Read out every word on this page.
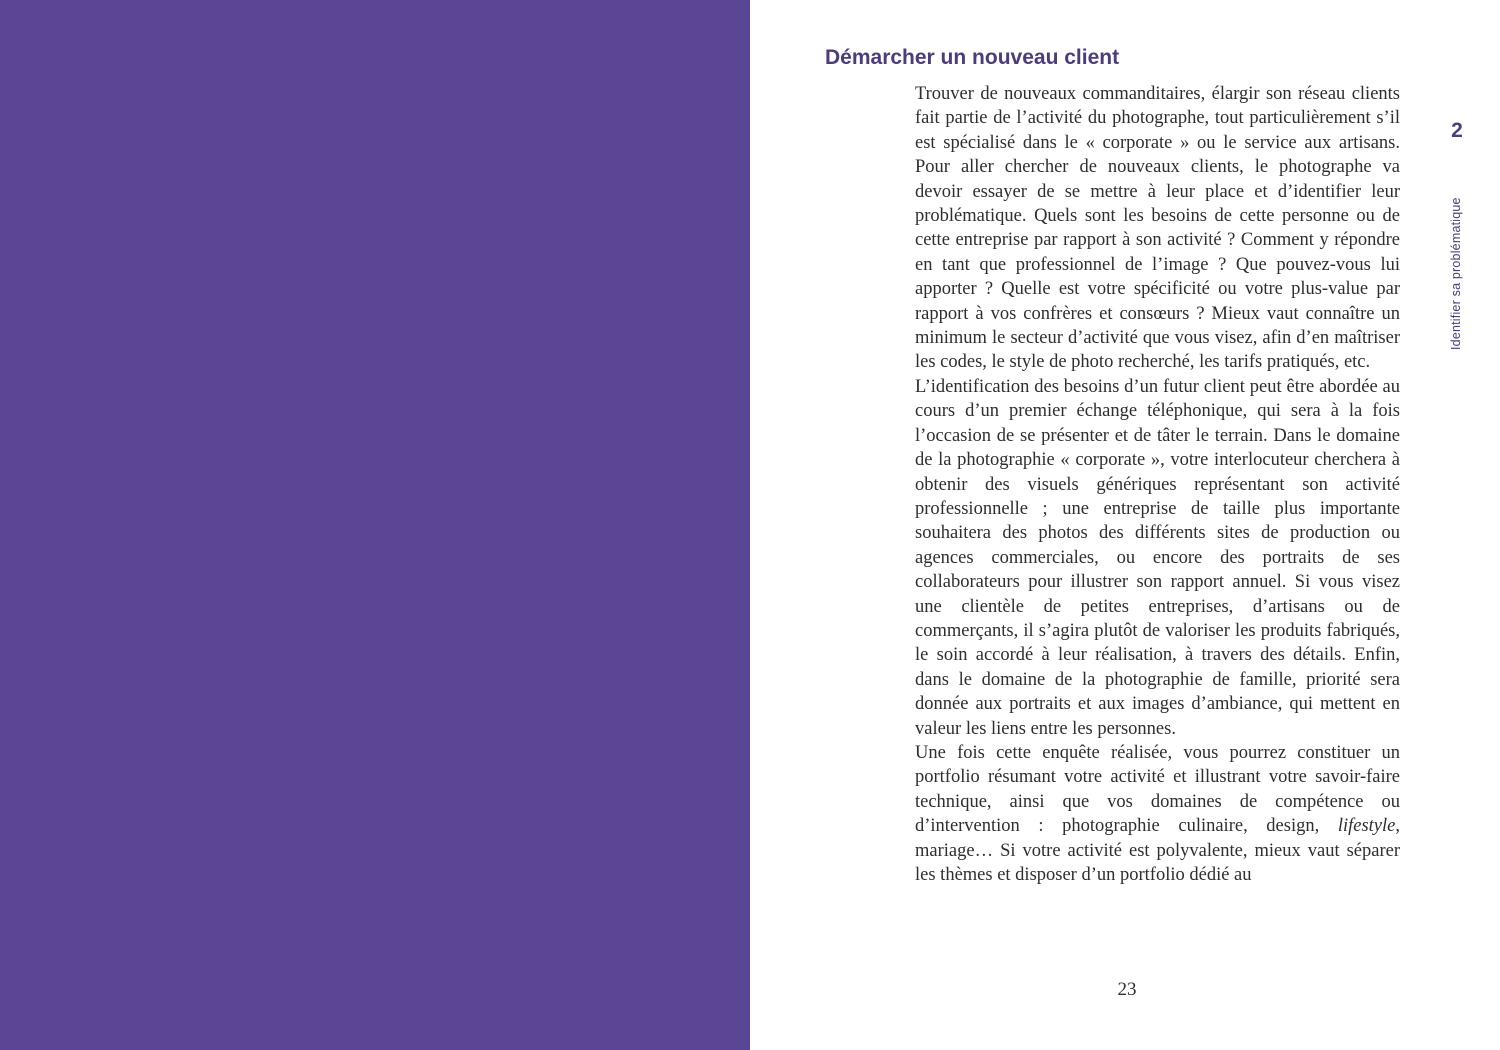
Démarcher un nouveau client

Trouver de nouveaux commanditaires, élargir son réseau clients fait partie de l’activité du photographe, tout particulièrement s’il est spécialisé dans le « corporate » ou le service aux artisans. Pour aller chercher de nouveaux clients, le photographe va devoir essayer de se mettre à leur place et d’identifier leur problématique. Quels sont les besoins de cette personne ou de cette entreprise par rapport à son activité ? Comment y répondre en tant que professionnel de l’image ? Que pouvez-vous lui apporter ? Quelle est votre spécificité ou votre plus-value par rapport à vos confrères et consœurs ? Mieux vaut connaître un minimum le secteur d’activité que vous visez, afin d’en maîtriser les codes, le style de photo recherché, les tarifs pratiqués, etc.

L’identification des besoins d’un futur client peut être abordée au cours d’un premier échange téléphonique, qui sera à la fois l’occasion de se présenter et de tâter le terrain. Dans le domaine de la photographie « corporate », votre interlocuteur cherchera à obtenir des visuels génériques représentant son activité professionnelle ; une entreprise de taille plus importante souhaitera des photos des différents sites de production ou agences commerciales, ou encore des portraits de ses collaborateurs pour illustrer son rapport annuel. Si vous visez une clientèle de petites entreprises, d’artisans ou de commerçants, il s’agira plutôt de valoriser les produits fabriqués, le soin accordé à leur réalisation, à travers des détails. Enfin, dans le domaine de la photographie de famille, priorité sera donnée aux portraits et aux images d’ambiance, qui mettent en valeur les liens entre les personnes.

Une fois cette enquête réalisée, vous pourrez constituer un portfolio résumant votre activité et illustrant votre savoir-faire technique, ainsi que vos domaines de compétence ou d’intervention : photographie culinaire, design, lifestyle, mariage… Si votre activité est polyvalente, mieux vaut séparer les thèmes et disposer d’un portfolio dédié au

2
Identifier sa problématique
23
